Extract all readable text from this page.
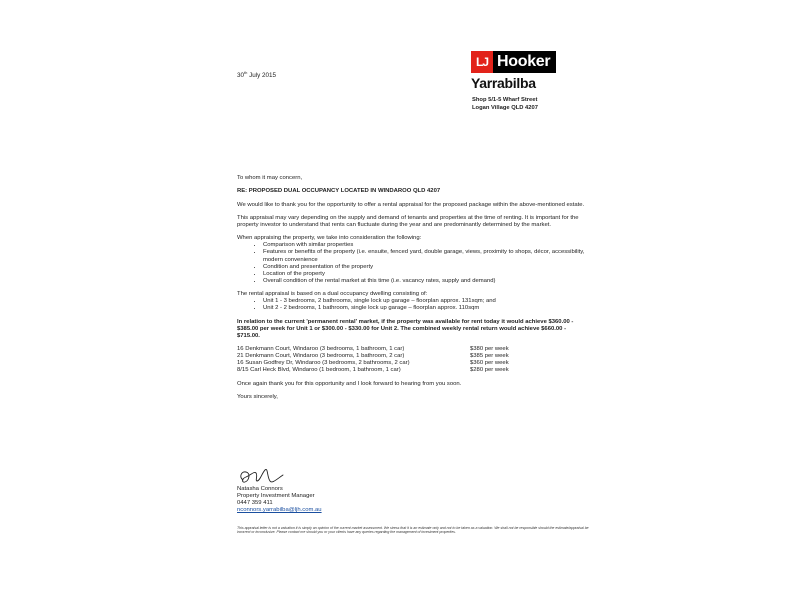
30th July 2015
LJ Hooker
Yarrabilba
Shop 5/1-5 Wharf Street
Logan Village QLD 4207

To whom it may concern,

RE: PROPOSED DUAL OCCUPANCY LOCATED IN WINDAROO QLD 4207

We would like to thank you for the opportunity to offer a rental appraisal for the proposed package within the above-mentioned estate.

This appraisal may vary depending on the supply and demand of tenants and properties at the time of renting. It is important for the property investor to understand that rents can fluctuate during the year and are predominantly determined by the market.

When appraising the property, we take into consideration the following:

• Comparison with similar properties
• Features or benefits of the property (i.e. ensuite, fenced yard, double garage, views, proximity to shops, décor, accessibility, modern convenience
• Condition and presentation of the property
• Location of the property
• Overall condition of the rental market at this time (i.e. vacancy rates, supply and demand)

The rental appraisal is based on a dual occupancy dwelling consisting of:

• Unit 1 - 3 bedrooms, 2 bathrooms, single lock up garage – floorplan approx. 131sqm; and
• Unit 2 - 2 bedrooms, 1 bathroom, single lock up garage – floorplan approx. 110sqm

In relation to the current 'permanent rental' market, if the property was available for rent today it would achieve $360.00 - $385.00 per week for Unit 1 or $300.00 - $330.00 for Unit 2. The combined weekly rental return would achieve $660.00 - $715.00.

16 Denkmann Court, Windaroo (3 bedrooms, 1 bathroom, 1 car)	$380 per week
21 Denkmann Court, Windaroo (3 bedrooms, 1 bathroom, 2 car)	$385 per week
16 Susan Godfrey Dr, Windaroo (3 bedrooms, 2 bathrooms, 2 car)	$360 per week
8/15 Carl Heck Blvd, Windaroo (1 bedroom, 1 bathroom, 1 car)	$280 per week

Once again thank you for this opportunity and I look forward to hearing from you soon.

Yours sincerely,

Natasha Connors
Property Investment Manager
0447 359 411
nconnors.yarrabilba@ljh.com.au
This appraisal letter is not a valuation it is simply an opinion of the current market assessment. We stress that it is an estimate only and not to be taken as a valuation. We shall not be responsible should the estimate/appraisal be incorrect or inconclusive. Please contact me should you or your clients have any queries regarding the management of investment properties.
